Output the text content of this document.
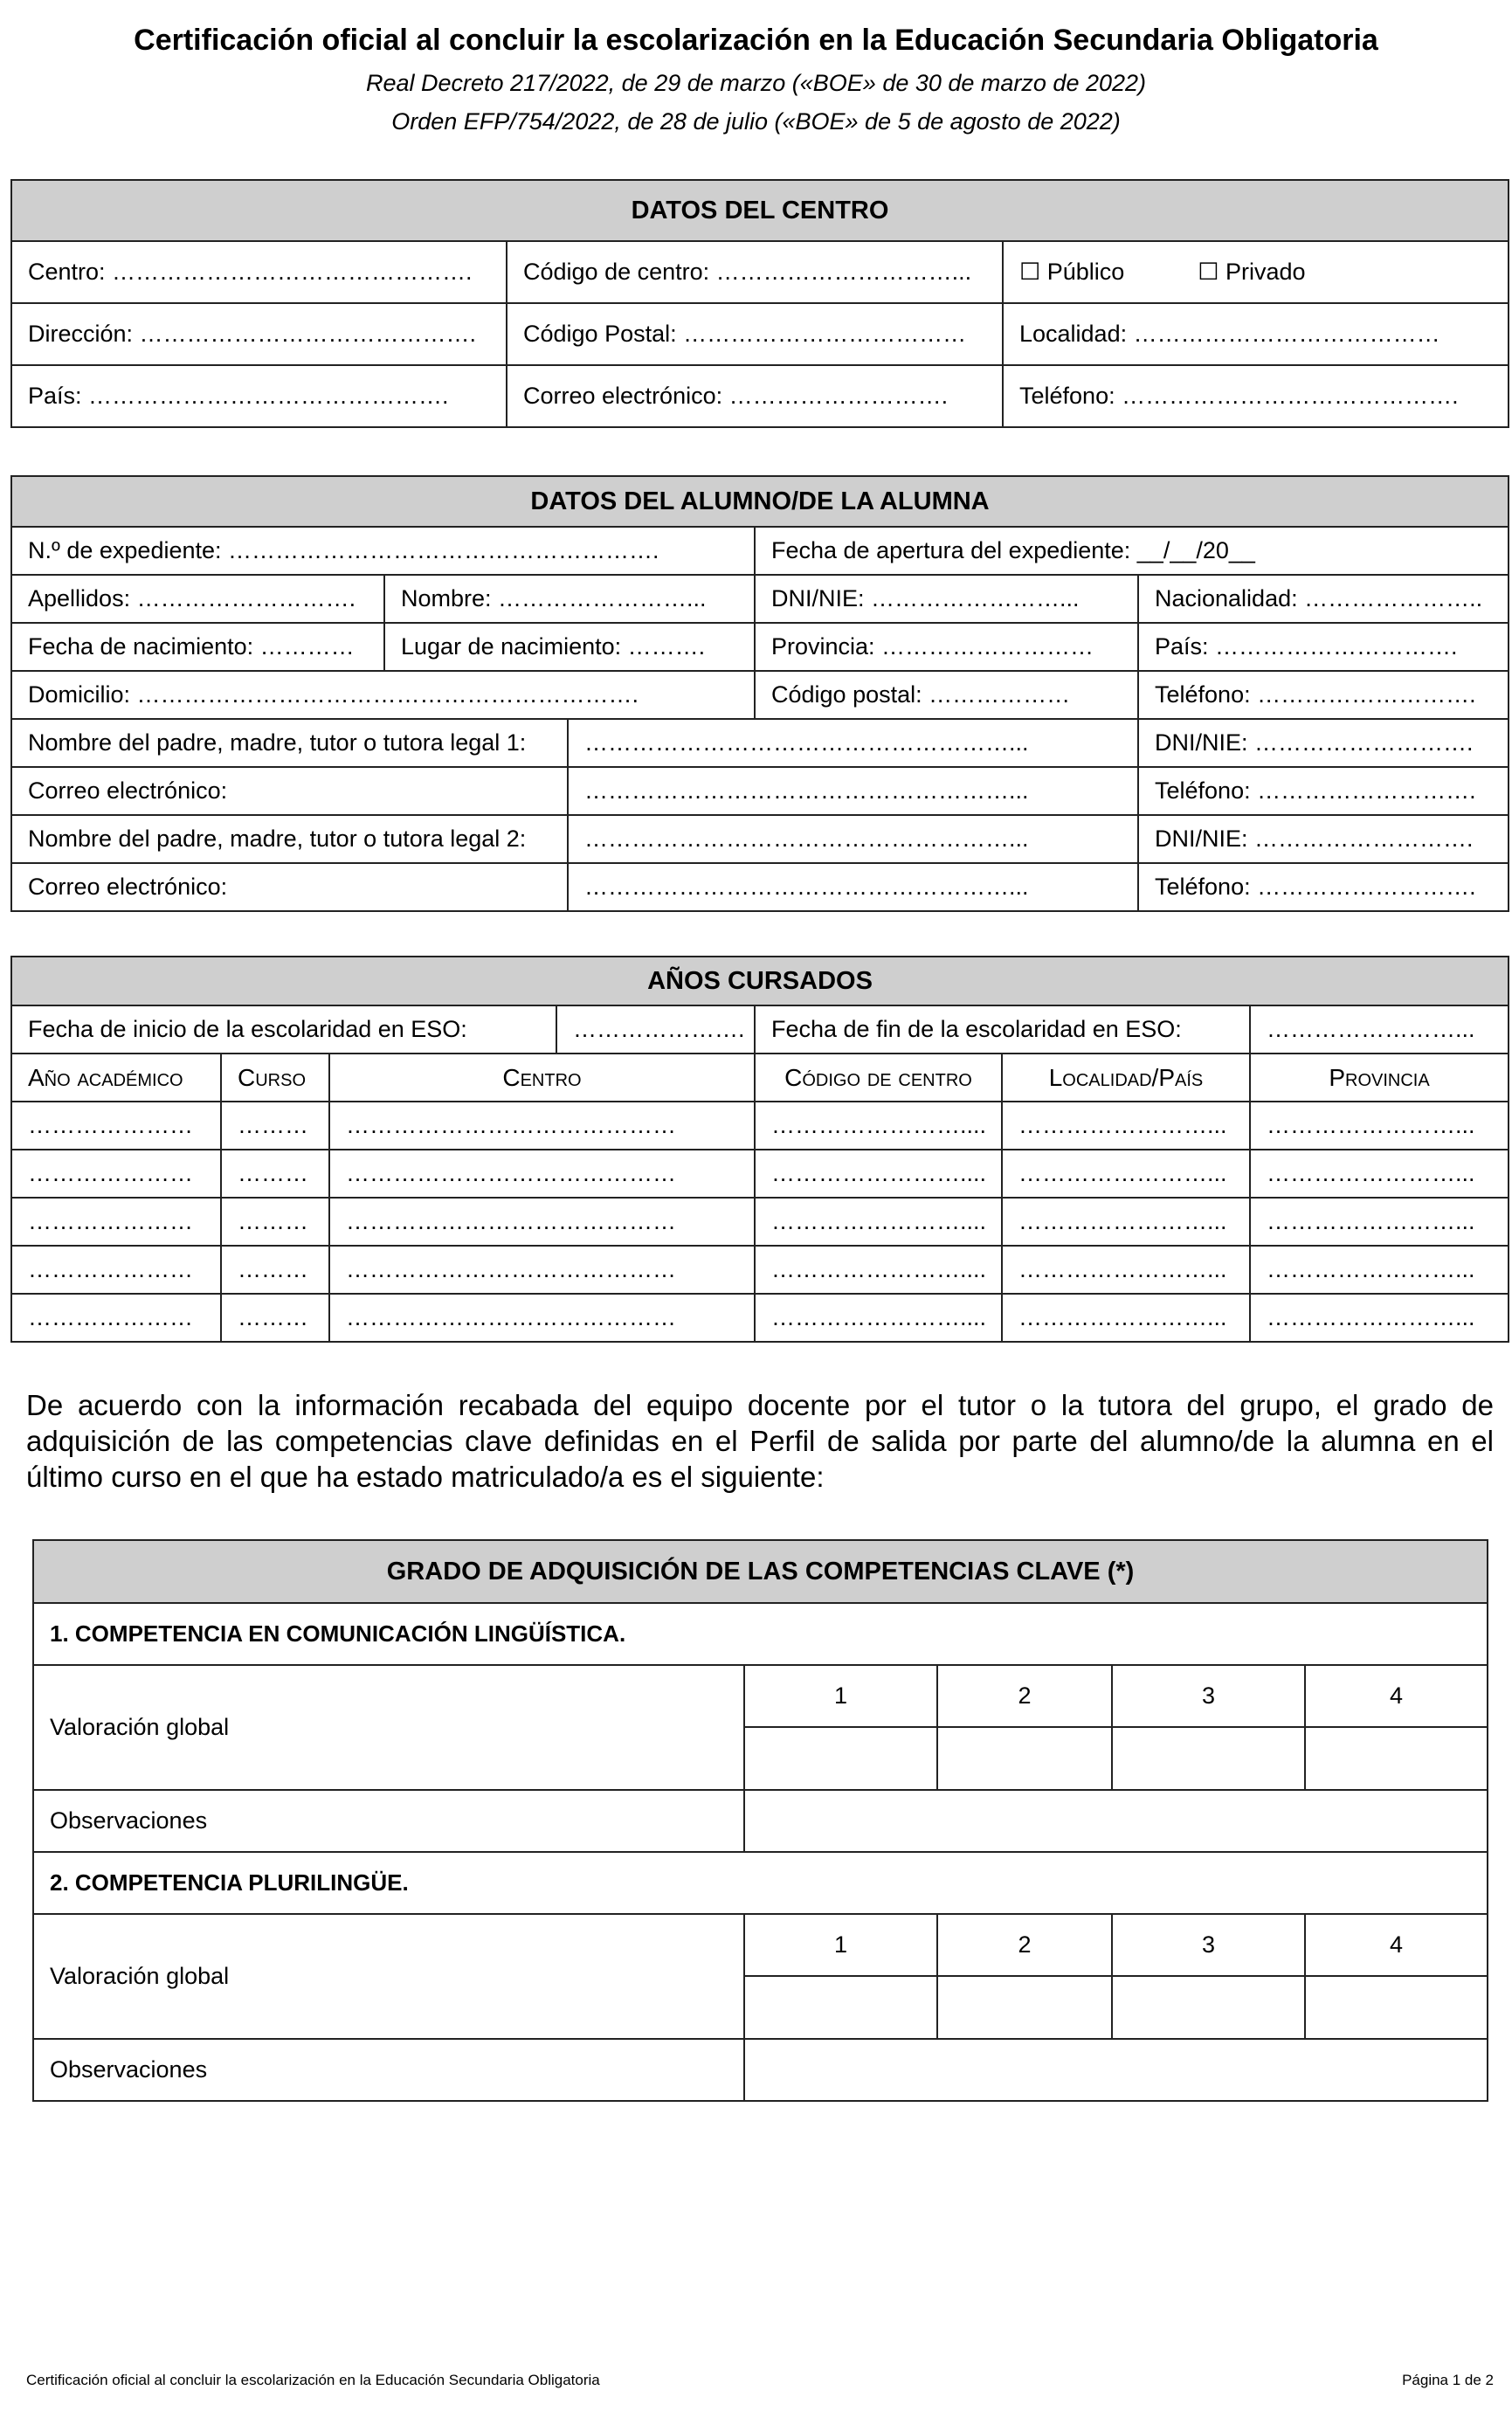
Certificación oficial al concluir la escolarización en la Educación Secundaria Obligatoria
Real Decreto 217/2022, de 29 de marzo («BOE» de 30 de marzo de 2022)
Orden EFP/754/2022, de 28 de julio («BOE» de 5 de agosto de 2022)
DATOS DEL CENTRO		
Centro: ……………………………………….	Código de centro: …………………………...	☐ Público ☐ Privado
Dirección: …………………………………….	Código Postal: ………………………………	Localidad: …………………………………
País: ……………………………………….	Correo electrónico: ……………………….	Teléfono: …………………………………….
DATOS DEL ALUMNO/DE LA ALUMNA				
N.º de expediente: ……………………………………………….			Fecha de apertura del expediente: __/__/20__	
Apellidos: ……………………….	Nombre: ……………………...		DNI/NIE: ……………………...	Nacionalidad: …………………..
Fecha de nacimiento: …………	Lugar de nacimiento: ……….		Provincia: ………………………	País: ………………………….
Domicilio: ……………………………………………………….			Código postal: ………………	Teléfono: ……………………….
Nombre del padre, madre, tutor o tutora legal 1:		………………………………………………...		DNI/NIE: ……………………….
Correo electrónico:		………………………………………………...		Teléfono: ……………………….
Nombre del padre, madre, tutor o tutora legal 2:		………………………………………………...		DNI/NIE: ……………………….
Correo electrónico:		………………………………………………...		Teléfono: ……………………….
AÑOS CURSADOS						
Fecha de inicio de la escolaridad en ESO:			………………….	Fecha de fin de la escolaridad en ESO:		……………………...
Año académico	Curso	Centro		Código de centro	Localidad/País	Provincia
…………………	………	……………………………………		……………………....	……………………...	……………………...
…………………	………	……………………………………		……………………....	……………………...	……………………...
…………………	………	……………………………………		……………………....	……………………...	……………………...
…………………	………	……………………………………		……………………....	……………………...	……………………...
…………………	………	……………………………………		……………………....	……………………...	……………………...
De acuerdo con la información recabada del equipo docente por el tutor o la tutora del grupo, el grado de adquisición de las competencias clave definidas en el Perfil de salida por parte del alumno/de la alumna en el último curso en el que ha estado matriculado/a es el siguiente:
GRADO DE ADQUISICIÓN DE LAS COMPETENCIAS CLAVE (*)				
1. COMPETENCIA EN COMUNICACIÓN LINGÜÍSTICA.				
Valoración global	1	2	3	4

Observaciones				
2. COMPETENCIA PLURILINGÜE.				
Valoración global	1	2	3	4

Observaciones				
Certificación oficial al concluir la escolarización en la Educación Secundaria Obligatoria	Página 1 de 2
